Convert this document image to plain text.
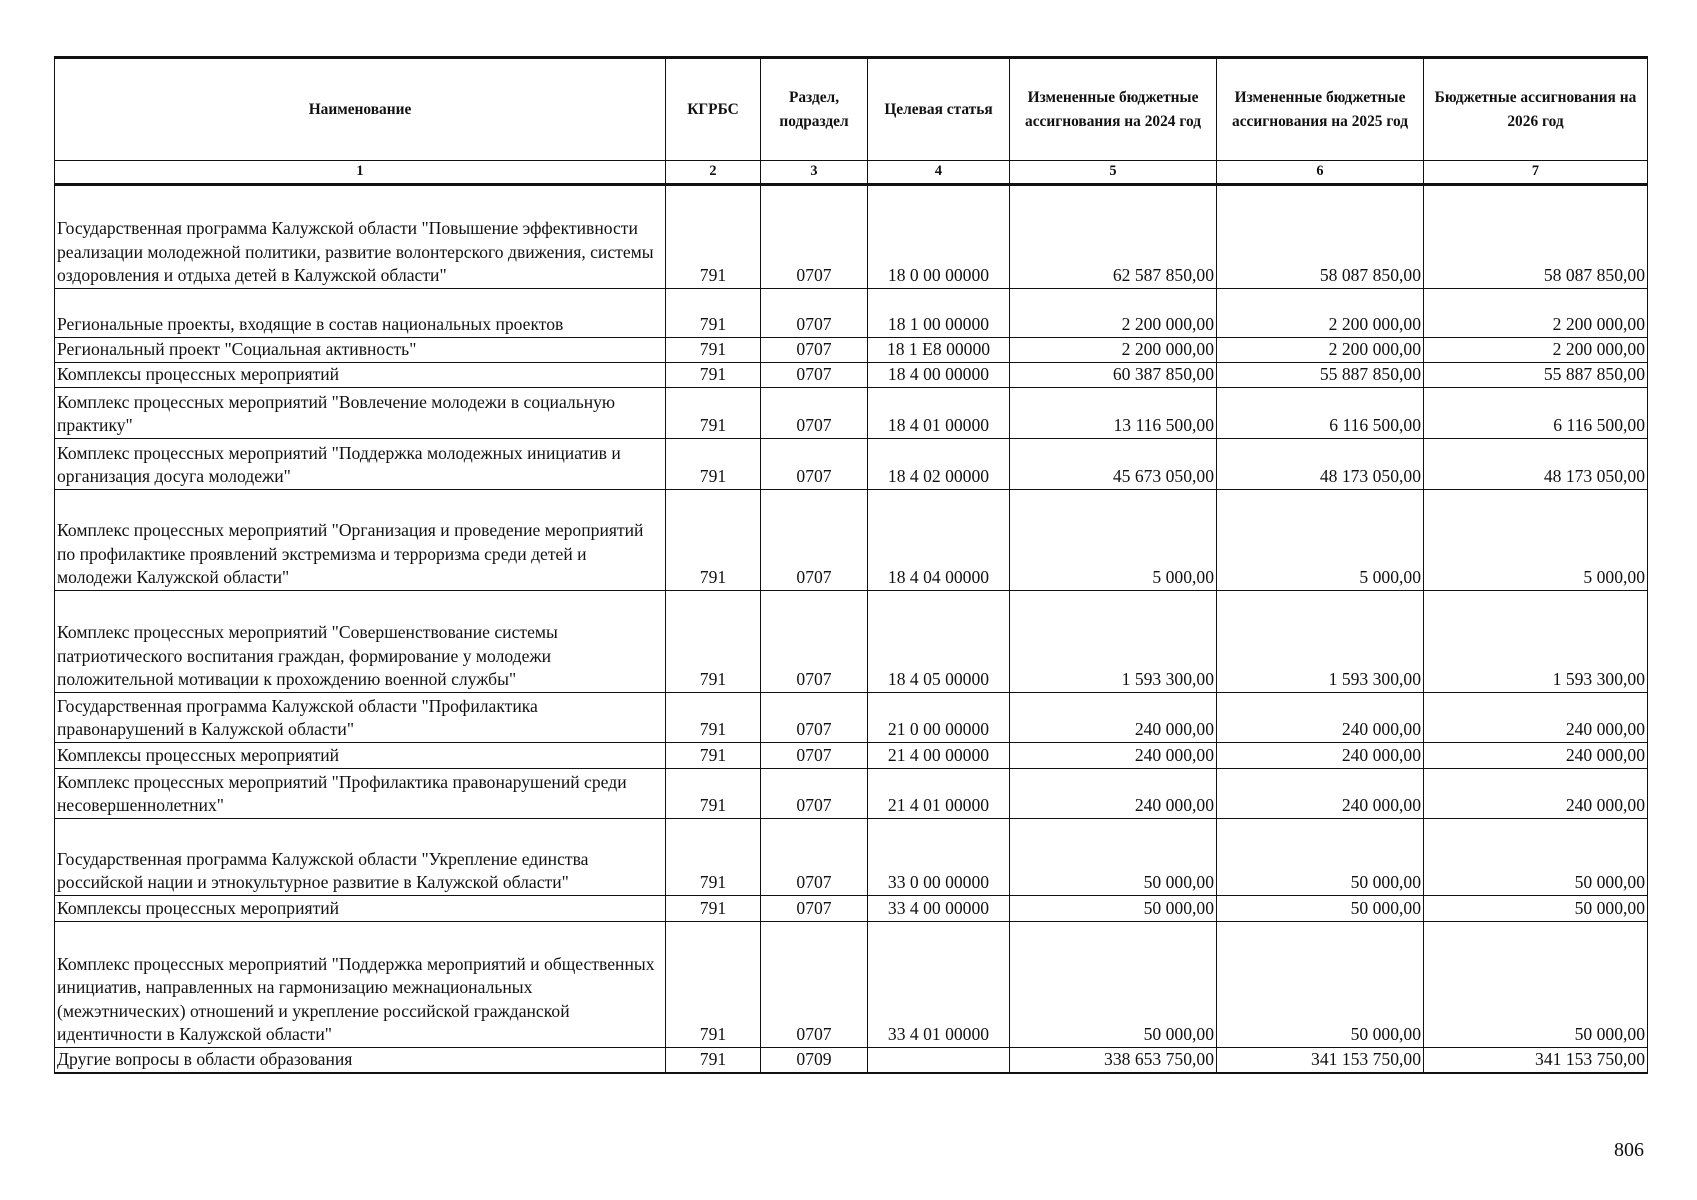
Наименование	КГРБС	Раздел, подраздел	Целевая статья	Измененные бюджетные ассигнования на 2024 год	Измененные бюджетные ассигнования на 2025 год	Бюджетные ассигнования на 2026 год
1	2	3	4	5	6	7
Государственная программа Калужской области "Повышение эффективности реализации молодежной политики, развитие волонтерского движения, системы оздоровления и отдыха детей в Калужской области"	791	0707	18 0 00 00000	62 587 850,00	58 087 850,00	58 087 850,00
Региональные проекты, входящие в состав национальных проектов	791	0707	18 1 00 00000	2 200 000,00	2 200 000,00	2 200 000,00
Региональный проект "Социальная активность"	791	0707	18 1 E8 00000	2 200 000,00	2 200 000,00	2 200 000,00
Комплексы процессных мероприятий	791	0707	18 4 00 00000	60 387 850,00	55 887 850,00	55 887 850,00
Комплекс процессных мероприятий "Вовлечение молодежи в социальную практику"	791	0707	18 4 01 00000	13 116 500,00	6 116 500,00	6 116 500,00
Комплекс процессных мероприятий "Поддержка молодежных инициатив и организация досуга молодежи"	791	0707	18 4 02 00000	45 673 050,00	48 173 050,00	48 173 050,00
Комплекс процессных мероприятий "Организация и проведение мероприятий по профилактике проявлений экстремизма и терроризма среди детей и молодежи Калужской области"	791	0707	18 4 04 00000	5 000,00	5 000,00	5 000,00
Комплекс процессных мероприятий "Совершенствование системы патриотического воспитания граждан, формирование у молодежи положительной мотивации к прохождению военной службы"	791	0707	18 4 05 00000	1 593 300,00	1 593 300,00	1 593 300,00
Государственная программа Калужской области "Профилактика правонарушений в Калужской области"	791	0707	21 0 00 00000	240 000,00	240 000,00	240 000,00
Комплексы процессных мероприятий	791	0707	21 4 00 00000	240 000,00	240 000,00	240 000,00
Комплекс процессных мероприятий "Профилактика правонарушений среди несовершеннолетних"	791	0707	21 4 01 00000	240 000,00	240 000,00	240 000,00
Государственная программа Калужской области "Укрепление единства российской нации и этнокультурное развитие в Калужской области"	791	0707	33 0 00 00000	50 000,00	50 000,00	50 000,00
Комплексы процессных мероприятий	791	0707	33 4 00 00000	50 000,00	50 000,00	50 000,00
Комплекс процессных мероприятий "Поддержка мероприятий и общественных инициатив, направленных на гармонизацию межнациональных (межэтнических) отношений и укрепление российской гражданской идентичности в Калужской области"	791	0707	33 4 01 00000	50 000,00	50 000,00	50 000,00
Другие вопросы в области образования	791	0709		338 653 750,00	341 153 750,00	341 153 750,00
806
